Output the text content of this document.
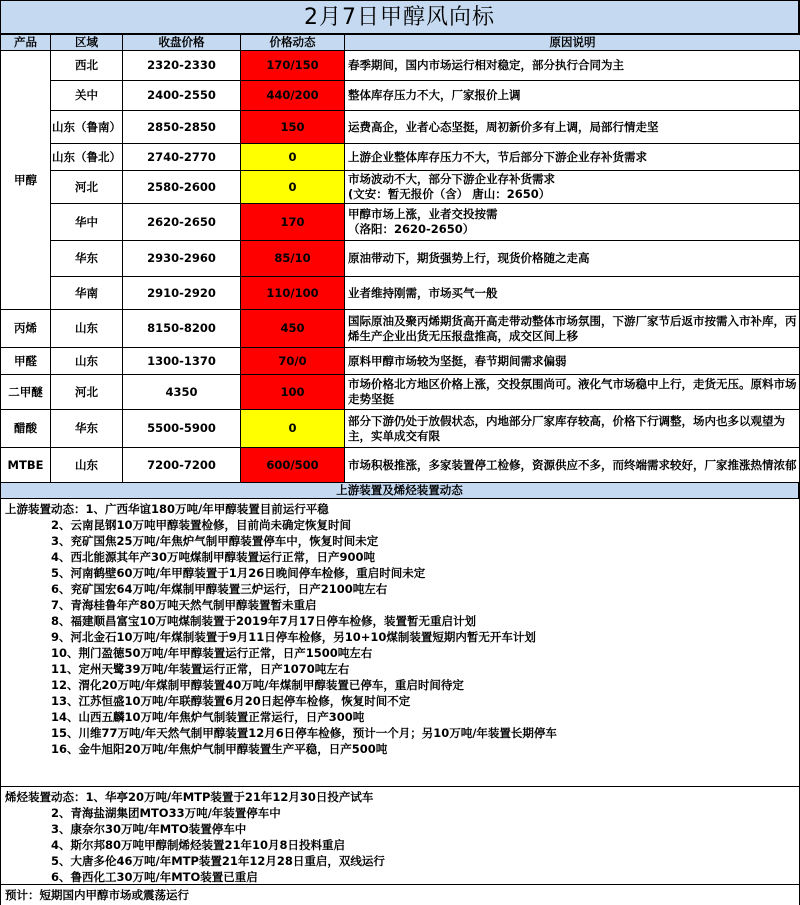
2月7日甲醇风向标
产品	区域	收盘价格	价格动态	原因说明
甲醇	西北	2320-2330	170/150	春季期间，国内市场运行相对稳定，部分执行合同为主

	关中	2400-2550	440/200	整体库存压力不大，厂家报价上调

	山东（鲁南）	2850-2850	150	运费高企，业者心态坚挺，周初新价多有上调，局部行情走坚

	山东（鲁北）	2740-2770	0	上游企业整体库存压力不大，节后部分下游企业存补货需求

	河北	2580-2600	0	市场波动不大，部分下游企业存补货需求
(文安：暂无报价（含） 唐山：2650）

	华中	2620-2650	170	甲醇市场上涨，业者交投按需
（洛阳：2620-2650）

	华东	2930-2960	85/10	原油带动下，期货强势上行，现货价格随之走高

	华南	2910-2920	110/100	业者维持刚需，市场买气一般

丙烯	山东	8150-8200	450	国际原油及聚丙烯期货高开高走带动整体市场氛围，下游厂家节后返市按需入市补库，丙烯生产企业出货无压报盘推高，成交区间上移

甲醛	山东	1300-1370	70/0	原料甲醇市场较为坚挺，春节期间需求偏弱

二甲醚	河北	4350	100	市场价格北方地区价格上涨，交投氛围尚可。液化气市场稳中上行，走货无压。原料市场走势坚挺

醋酸	华东	5500-5900	0	部分下游仍处于放假状态，内地部分厂家库存较高，价格下行调整，场内也多以观望为主，实单成交有限

MTBE	山东	7200-7200	600/500	市场积极推涨，多家装置停工检修，资源供应不多，而终端需求较好，厂家推涨热情浓郁
上游装置及烯烃装置动态
上游装置动态：1、广西华谊180万吨/年甲醇装置目前运行平稳
2、云南昆钢10万吨甲醇装置检修，目前尚未确定恢复时间
3、兖矿国焦25万吨/年焦炉气制甲醇装置停车中，恢复时间未定
4、西北能源其年产30万吨煤制甲醇装置运行正常，日产900吨
5、河南鹤壁60万吨/年甲醇装置于1月26日晚间停车检修，重启时间未定
6、兖矿国宏64万吨/年煤制甲醇装置三炉运行，日产2100吨左右
7、青海桂鲁年产80万吨天然气制甲醇装置暂未重启
8、福建顺昌富宝10万吨煤制装置于2019年7月17日停车检修，装置暂无重启计划
9、河北金石10万吨/年煤制装置于9月11日停车检修，另10+10煤制装置短期内暂无开车计划
10、荆门盈德50万吨/年甲醇装置运行正常，日产1500吨左右
11、定州天鹭39万吨/年装置运行正常，日产1070吨左右
12、渭化20万吨/年煤制甲醇装置40万吨/年煤制甲醇装置已停车，重启时间待定
13、江苏恒盛10万吨/年联醇装置6月20日起停车检修，恢复时间不定
14、山西五麟10万吨/年焦炉气制装置正常运行，日产300吨
15、川维77万吨/年天然气制甲醇装置12月6日停车检修，预计一个月；另10万吨/年装置长期停车
16、金牛旭阳20万吨/年焦炉气制甲醇装置生产平稳，日产500吨
烯烃装置动态：1、华亭20万吨/年MTP装置于21年12月30日投产试车
2、青海盐湖集团MTO33万吨/年装置停车中
3、康奈尔30万吨/年MTO装置停车中
4、斯尔邦80万吨甲醇制烯烃装置21年10月8日投料重启
5、大唐多伦46万吨/年MTP装置21年12月28日重启，双线运行
6、鲁西化工30万吨/年MTO装置已重启
预计：短期国内甲醇市场或震荡运行
